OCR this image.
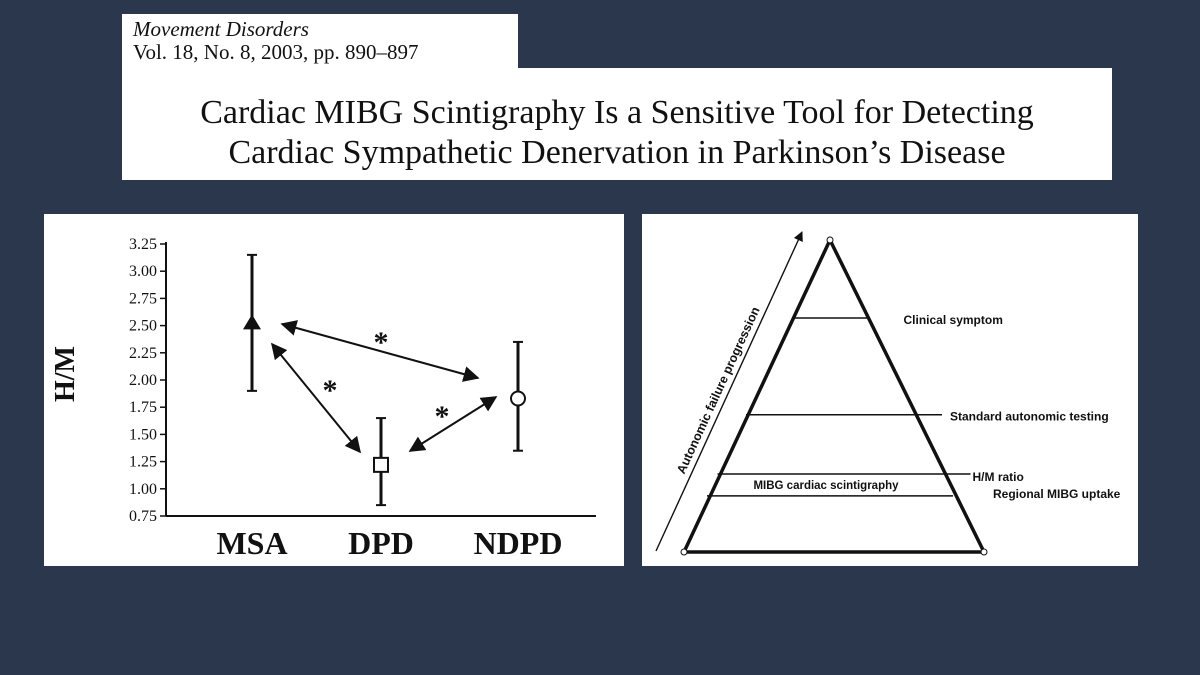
Movement Disorders
Vol. 18, No. 8, 2003, pp. 890–897
Cardiac MIBG Scintigraphy Is a Sensitive Tool for Detecting
Cardiac Sympathetic Denervation in Parkinson’s Disease
0.75
1.00
1.25
1.50
1.75
2.00
2.25
2.50
2.75
3.00
3.25
MSA DPD NDPD
*
*
*
H/M	Autonomic failure progression	Clinical symptom
Standard autonomic testing
H/M ratio
Regional MIBG uptake
MIBG cardiac scintigraphy
